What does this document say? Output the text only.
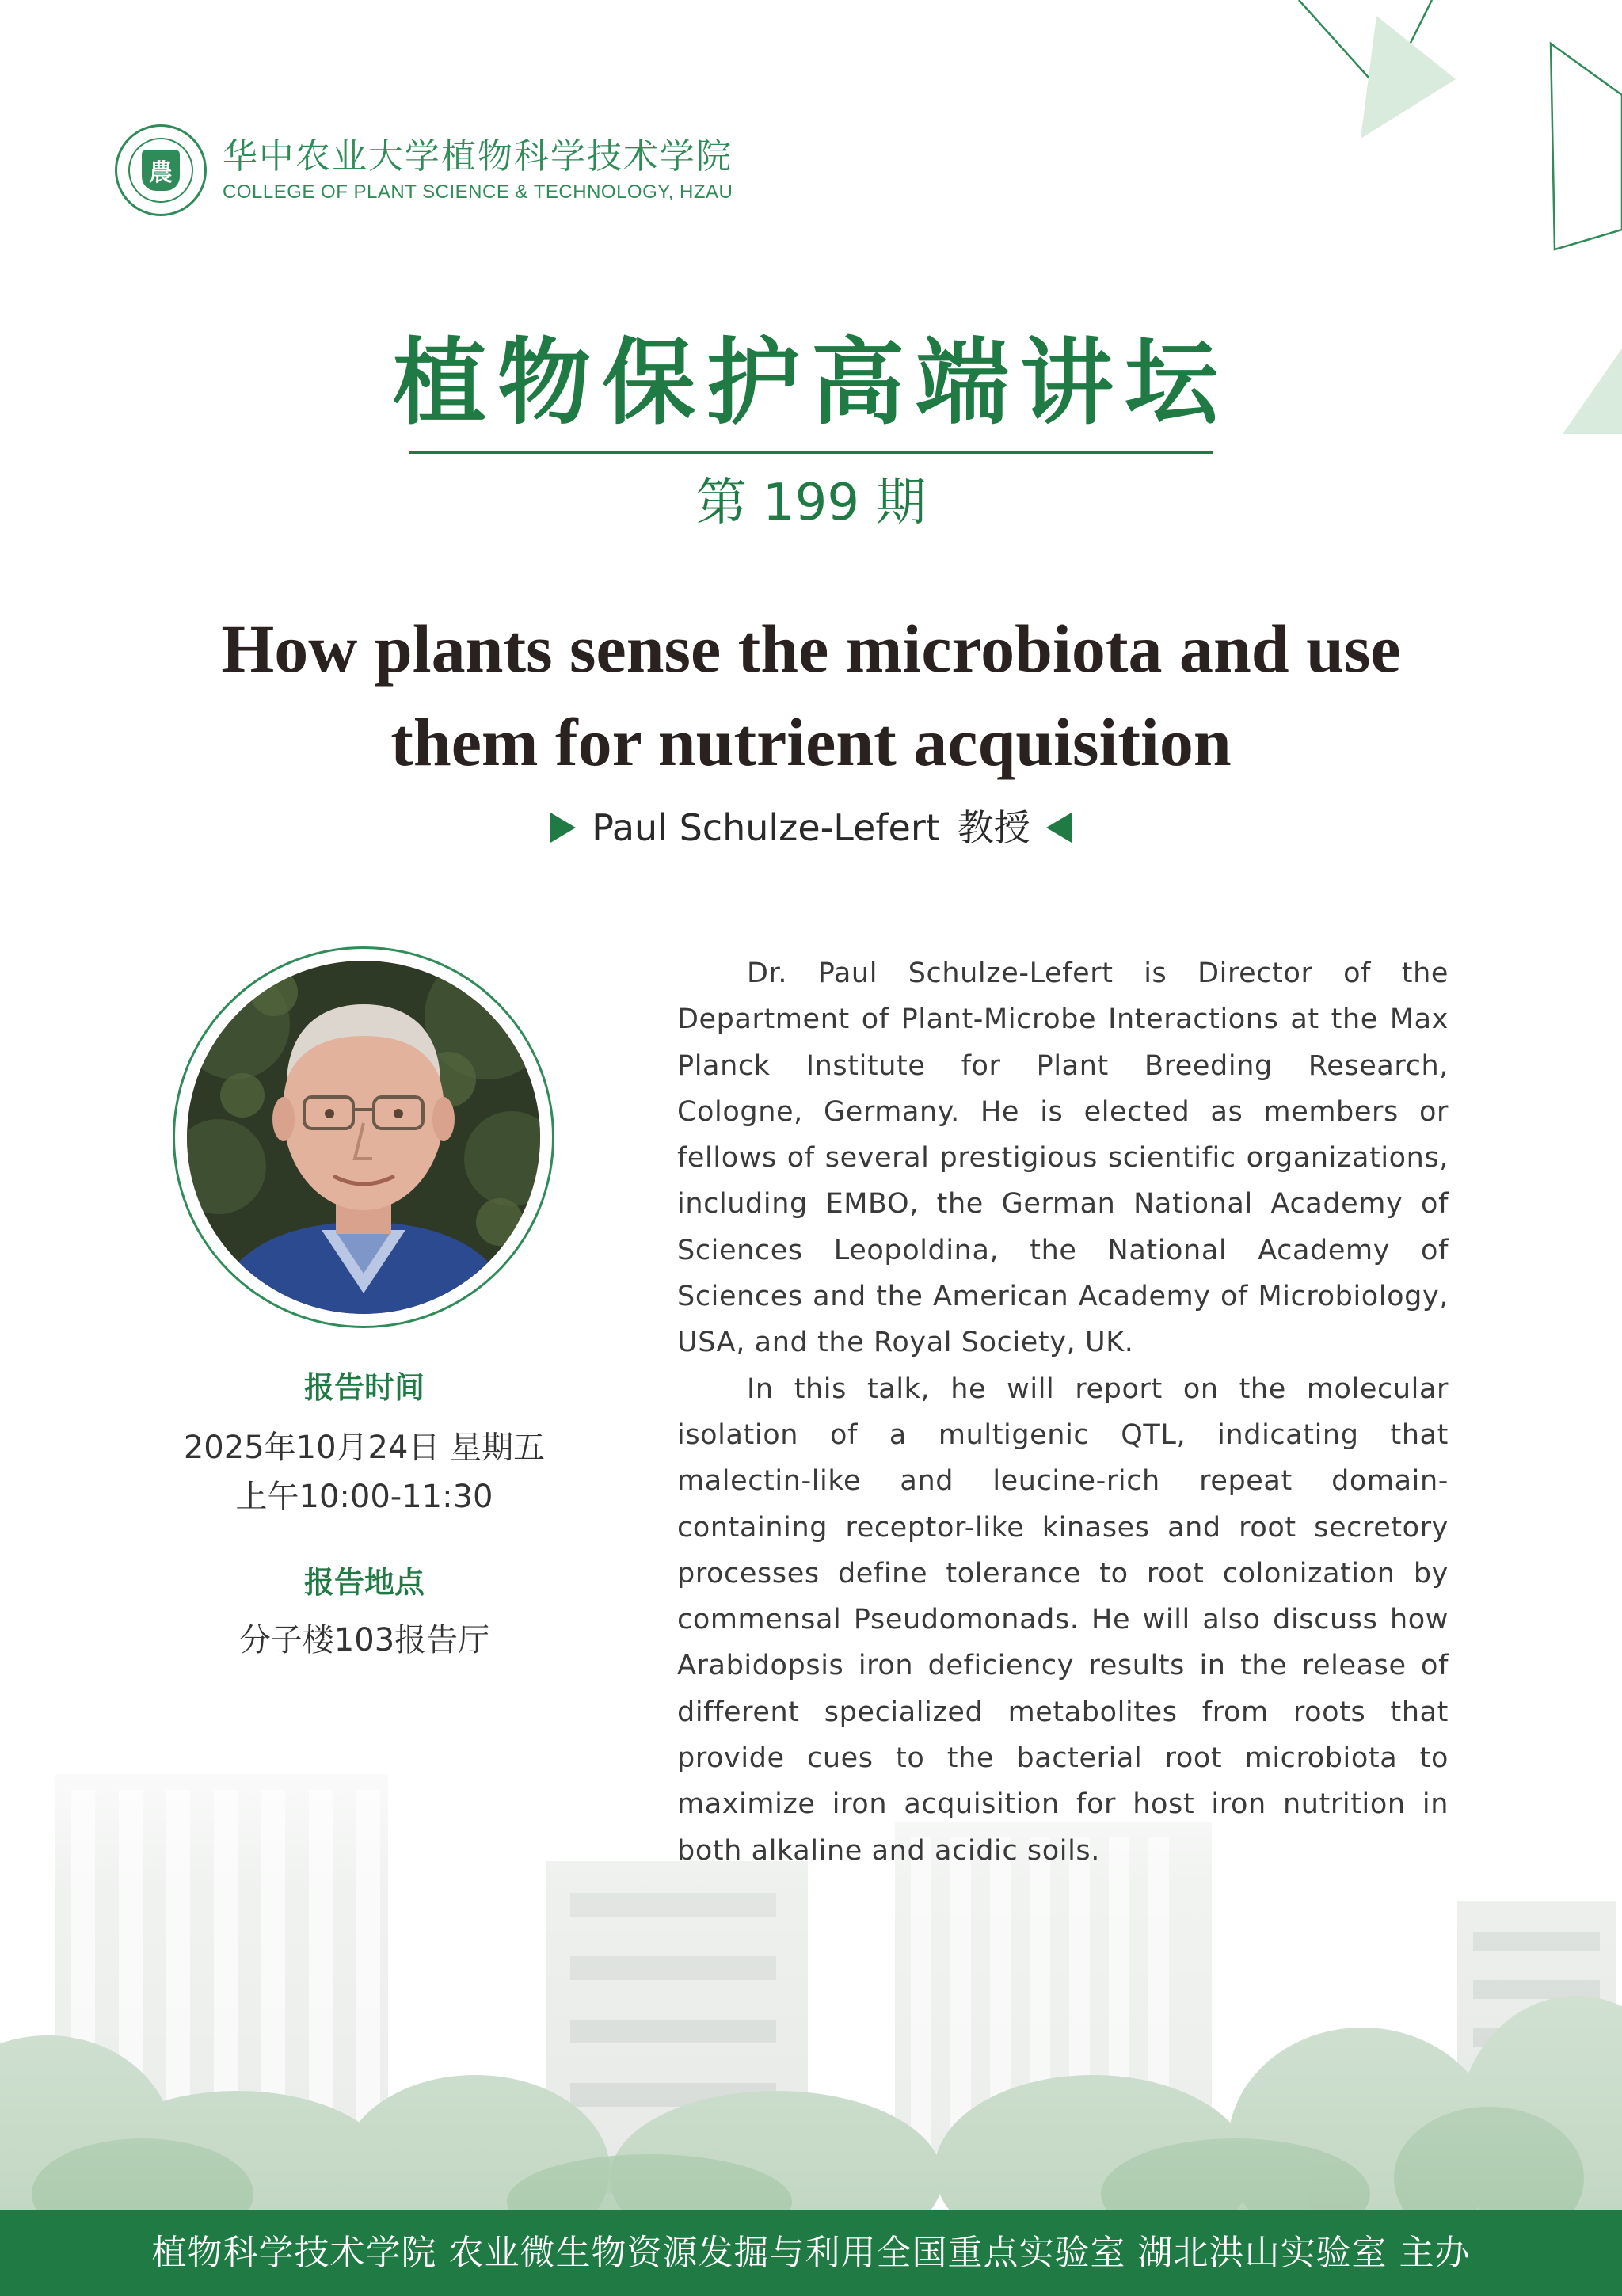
農 华中农业大学植物科学技术学院
COLLEGE OF PLANT SCIENCE & TECHNOLOGY, HZAU
植物保护高端讲坛
第 199 期
How plants sense the microbiota and use
them for nutrient acquisition
Paul Schulze-Lefert 教授
报告时间
2025年10月24日 星期五
上午10:00-11:30
报告地点
分子楼103报告厅

Dr. Paul Schulze-Lefert is Director of the Department of Plant-Microbe Interactions at the Max Planck Institute for Plant Breeding Research, Cologne, Germany. He is elected as members or fellows of several prestigious scientific organizations, including EMBO, the German National Academy of Sciences Leopoldina, the National Academy of Sciences and the American Academy of Microbiology, USA, and the Royal Society, UK.

In this talk, he will report on the molecular isolation of a multigenic QTL, indicating that malectin-like and leucine-rich repeat domain-containing receptor-like kinases and root secretory processes define tolerance to root colonization by commensal Pseudomonads. He will also discuss how Arabidopsis iron deficiency results in the release of different specialized metabolites from roots that provide cues to the bacterial root microbiota to maximize iron acquisition for host iron nutrition in both alkaline and acidic soils.

植物科学技术学院 农业微生物资源发掘与利用全国重点实验室 湖北洪山实验室 主办
